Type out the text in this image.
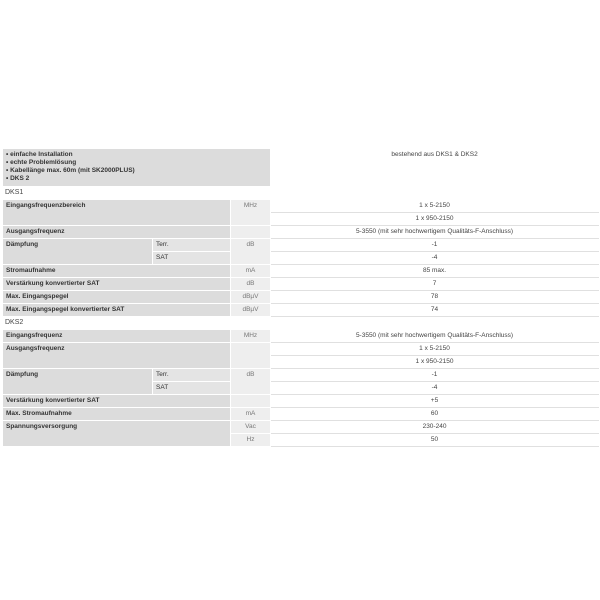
• einfache Installation
• echte Problemlösung
• Kabellänge max. 60m (mit SK2000PLUS)
• DKS 2			bestehend aus DKS1 & DKS2
DKS1			
Eingangsfrequenzbereich		MHz	1 x 5-2150
			1 x 950-2150
Ausgangsfrequenz			5-3550 (mit sehr hochwertigem Qualitäts-F-Anschluss)
Dämpfung	Terr.	dB	-1
	SAT		-4
Stromaufnahme		mA	85 max.
Verstärkung konvertierter SAT		dB	7
Max. Eingangspegel		dBµV	78
Max. Eingangspegel konvertierter SAT		dBµV	74
DKS2			
Eingangsfrequenz		MHz	5-3550 (mit sehr hochwertigem Qualitäts-F-Anschluss)
Ausgangsfrequenz			1 x 5-2150
			1 x 950-2150
Dämpfung	Terr.	dB	-1
	SAT		-4
Verstärkung konvertierter SAT			+5
Max. Stromaufnahme		mA	60
Spannungsversorgung		Vac	230-240
		Hz	50
